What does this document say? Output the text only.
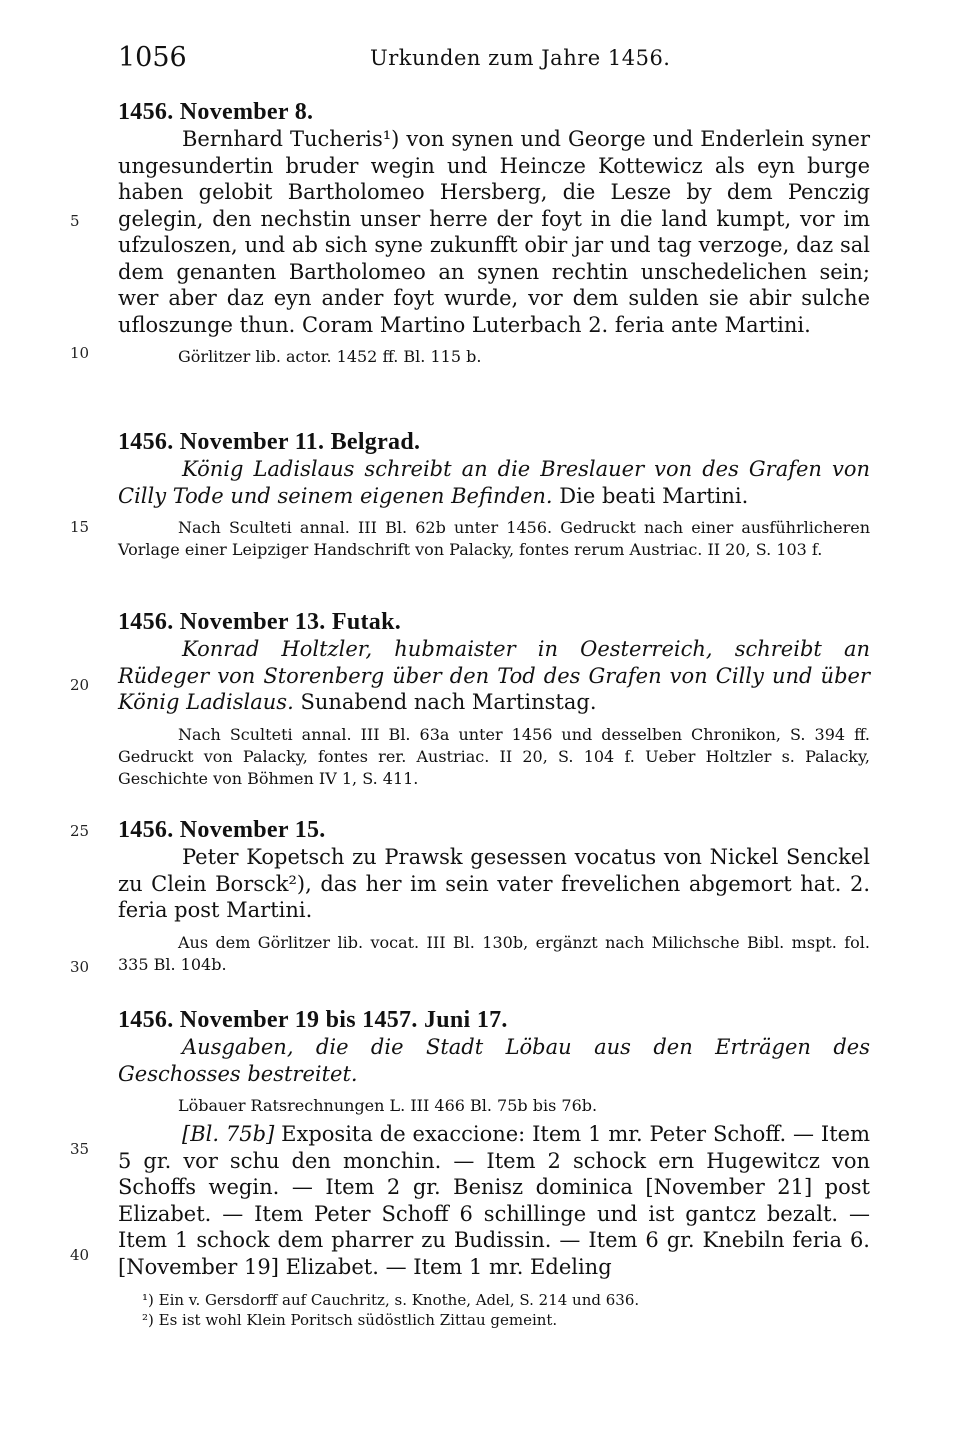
1056	Urkunden zum Jahre 1456.
5
10
15
20
25
30
35
40
1456. November 8.
Bernhard Tucheris¹) von synen und George und Enderlein syner ungesundertin bruder wegin und Heincze Kottewicz als eyn burge haben gelobit Bartholomeo Hersberg, die Lesze by dem Penczig gelegin, den nechstin unser herre der foyt in die land kumpt, vor im ufzuloszen, und ab sich syne zukunfft obir jar und tag verzoge, daz sal dem genanten Bartholomeo an synen rechtin unschedelichen sein; wer aber daz eyn ander foyt wurde, vor dem sulden sie abir sulche ufloszunge thun. Coram Martino Luterbach 2. feria ante Martini.
Görlitzer lib. actor. 1452 ff. Bl. 115 b.
1456. November 11. Belgrad.
König Ladislaus schreibt an die Breslauer von des Grafen von Cilly Tode und seinem eigenen Befinden. Die beati Martini.
Nach Sculteti annal. III Bl. 62b unter 1456. Gedruckt nach einer ausführlicheren Vorlage einer Leipziger Handschrift von Palacky, fontes rerum Austriac. II 20, S. 103 f.
1456. November 13. Futak.
Konrad Holtzler, hubmaister in Oesterreich, schreibt an Rüdeger von Storenberg über den Tod des Grafen von Cilly und über König Ladislaus. Sunabend nach Martinstag.
Nach Sculteti annal. III Bl. 63a unter 1456 und desselben Chronikon, S. 394 ff. Gedruckt von Palacky, fontes rer. Austriac. II 20, S. 104 f. Ueber Holtzler s. Palacky, Geschichte von Böhmen IV 1, S. 411.
1456. November 15.
Peter Kopetsch zu Prawsk gesessen vocatus von Nickel Senckel zu Clein Borsck²), das her im sein vater frevelichen abgemort hat. 2. feria post Martini.
Aus dem Görlitzer lib. vocat. III Bl. 130b, ergänzt nach Milichsche Bibl. mspt. fol. 335 Bl. 104b.
1456. November 19 bis 1457. Juni 17.
Ausgaben, die die Stadt Löbau aus den Erträgen des Geschosses bestreitet.
Löbauer Ratsrechnungen L. III 466 Bl. 75b bis 76b.
[Bl. 75b] Exposita de exaccione: Item 1 mr. Peter Schoff. — Item 5 gr. vor schu den monchin. — Item 2 schock ern Hugewitcz von Schoffs wegin. — Item 2 gr. Benisz dominica [November 21] post Elizabet. — Item Peter Schoff 6 schillinge und ist gantcz bezalt. — Item 1 schock dem pharrer zu Budissin. — Item 6 gr. Knebiln feria 6. [November 19] Elizabet. — Item 1 mr. Edeling
¹) Ein v. Gersdorff auf Cauchritz, s. Knothe, Adel, S. 214 und 636.
²) Es ist wohl Klein Poritsch südöstlich Zittau gemeint.
